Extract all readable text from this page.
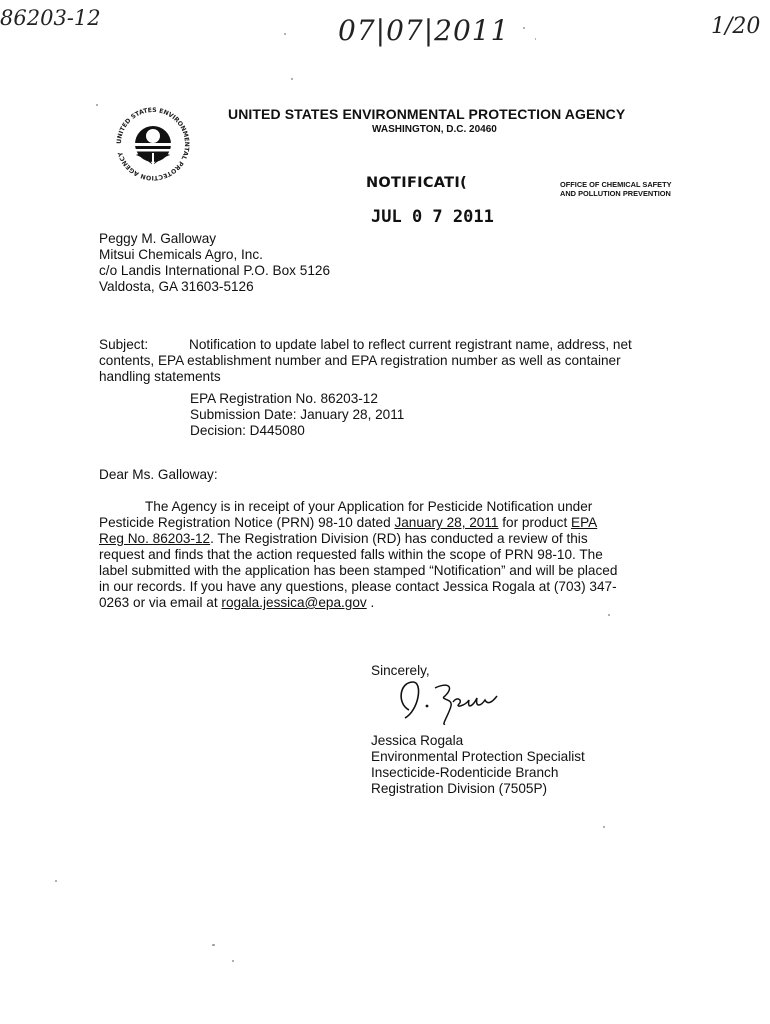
86203-12	07|07|2011	1/20
UNITED STATES ENVIRONMENTAL PROTECTION AGENCY
UNITED STATES ENVIRONMENTAL PROTECTION AGENCY
WASHINGTON, D.C. 20460
NOTIFICATI(	OFFICE OF CHEMICAL SAFETY
AND POLLUTION PREVENTION
JUL 0 7 2011
Peggy M. Galloway
Mitsui Chemicals Agro, Inc.
c/o Landis International P.O. Box 5126
Valdosta, GA 31603-5126
Subject:	Notification to update label to reflect current registrant name, address, net
contents, EPA establishment number and EPA registration number as well as container
handling statements
EPA Registration No. 86203-12
Submission Date: January 28, 2011
Decision: D445080
Dear Ms. Galloway:
The Agency is in receipt of your Application for Pesticide Notification under
Pesticide Registration Notice (PRN) 98-10 dated January 28, 2011 for product EPA
Reg No. 86203-12. The Registration Division (RD) has conducted a review of this
request and finds that the action requested falls within the scope of PRN 98-10. The
label submitted with the application has been stamped “Notification” and will be placed
in our records. If you have any questions, please contact Jessica Rogala at (703) 347-
0263 or via email at rogala.jessica@epa.gov .
Sincerely,
Jessica Rogala
Environmental Protection Specialist
Insecticide-Rodenticide Branch
Registration Division (7505P)
